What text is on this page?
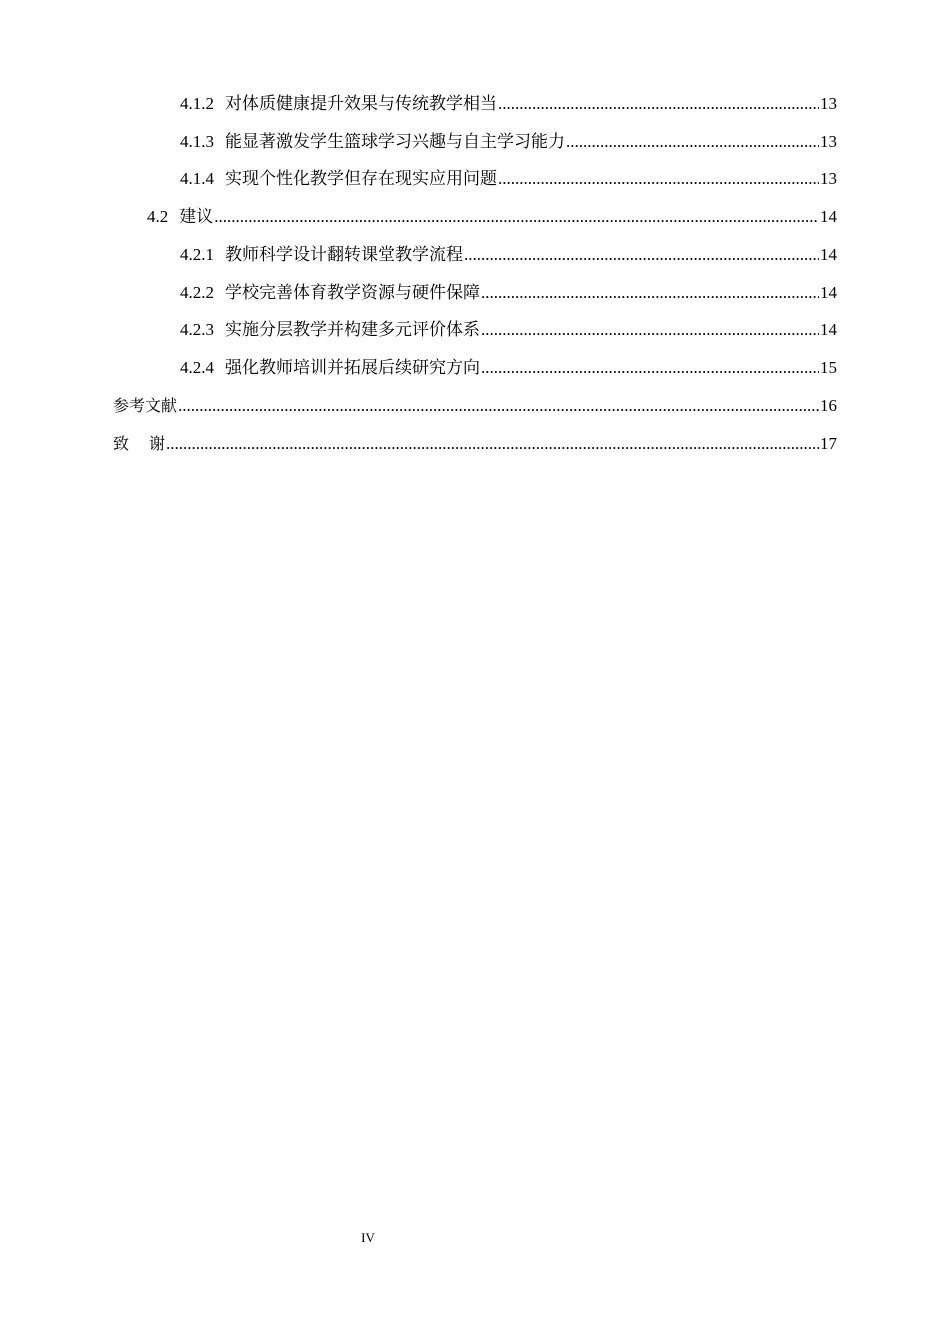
4.1.2 对体质健康提升效果与传统教学相当 .....	13
4.1.3 能显著激发学生篮球学习兴趣与自主学习能力 .....	13
4.1.4 实现个性化教学但存在现实应用问题 .....	13
4.2 建议 .....	14
4.2.1 教师科学设计翻转课堂教学流程 .....	14
4.2.2 学校完善体育教学资源与硬件保障 .....	14
4.2.3 实施分层教学并构建多元评价体系 .....	14
4.2.4 强化教师培训并拓展后续研究方向 .....	15
参考文献 .....	16
致 谢 .....	17
IV
